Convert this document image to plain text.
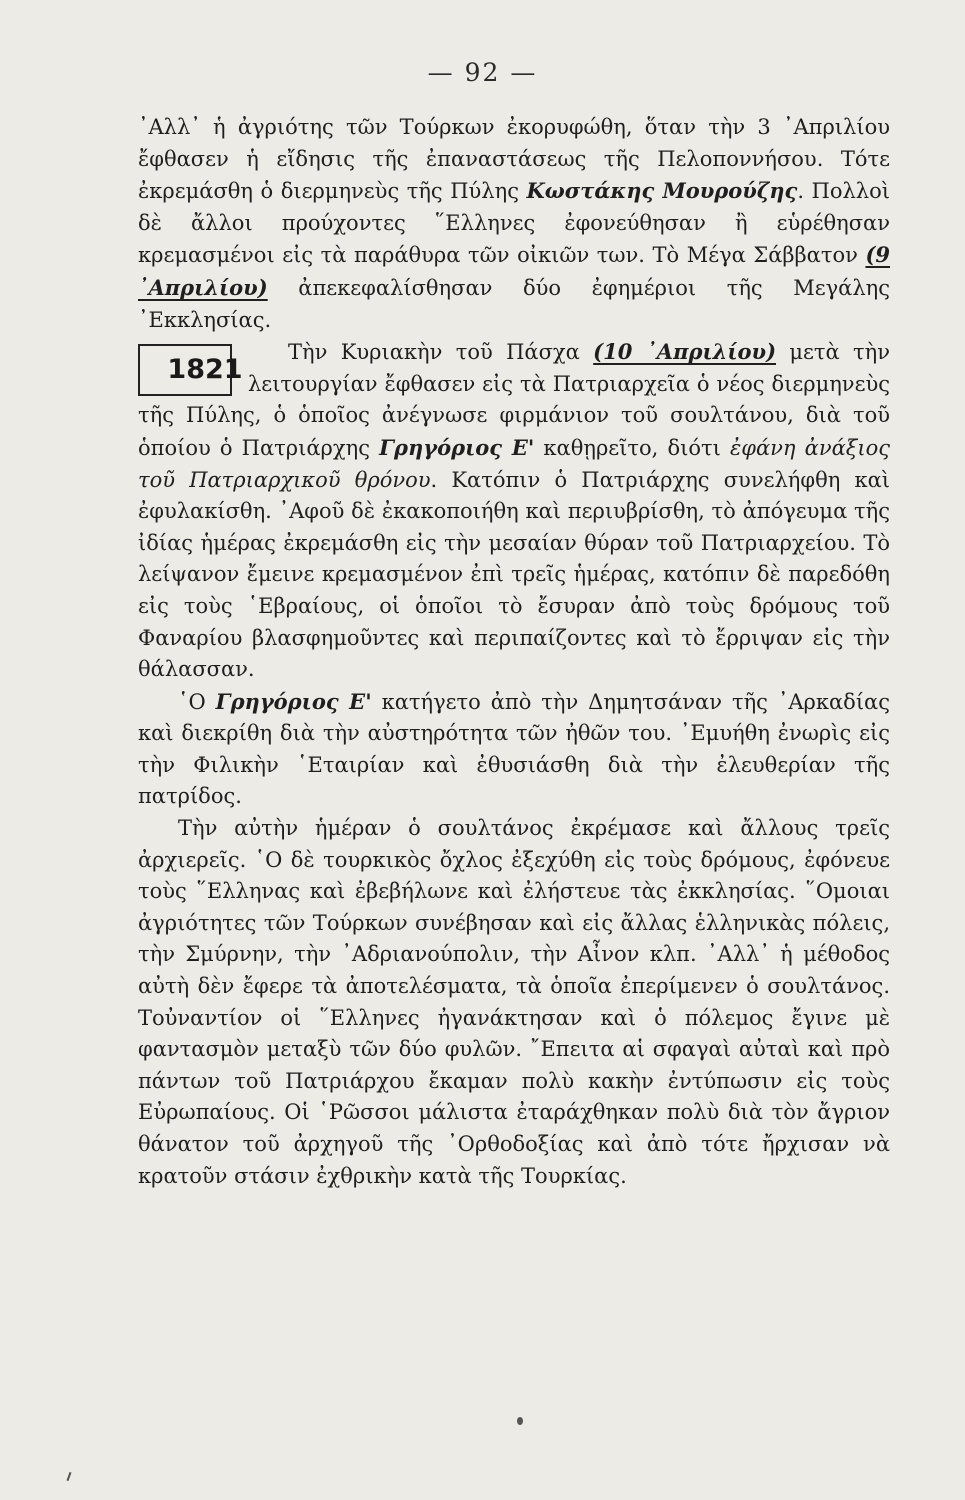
— 92 —

᾿Αλλ᾿ ἡ ἀγριότης τῶν Τούρκων ἐκορυφώθη, ὅταν τὴν 3 ᾿Απριλίου ἔφθασεν ἡ εἴδησις τῆς ἐπαναστάσεως τῆς Πελοποννήσου. Τότε ἐκρεμάσθη ὁ διερμηνεὺς τῆς Πύλης Κωστάκης Μουρούζης. Πολλοὶ δὲ ἄλλοι προύχοντες ῞Ελληνες ἐφονεύθησαν ἢ εὑρέθησαν κρεμασμένοι εἰς τὰ παράθυρα τῶν οἰκιῶν των. Τὸ Μέγα Σάββατον (9 ᾿Απριλίου) ἀπεκεφαλίσθησαν δύο ἐφημέριοι τῆς Μεγάλης ᾿Εκκλησίας.

1821
Τὴν Κυριακὴν τοῦ Πάσχα (10 ᾿Απριλίου) μετὰ τὴν λειτουργίαν ἔφθασεν εἰς τὰ Πατριαρχεῖα ὁ νέος διερμηνεὺς τῆς Πύλης, ὁ ὁποῖος ἀνέγνωσε φιρμάνιον τοῦ σουλτάνου, διὰ τοῦ ὁποίου ὁ Πατριάρχης Γρηγόριος Ε' καθῃρεῖτο, διότι ἐφάνη ἀνάξιος τοῦ Πατριαρχικοῦ θρόνου. Κατόπιν ὁ Πατριάρχης συνελήφθη καὶ ἐφυλακίσθη. ᾿Αφοῦ δὲ ἐκακοποιήθη καὶ περιυβρίσθη, τὸ ἀπόγευμα τῆς ἰδίας ἡμέρας ἐκρεμάσθη εἰς τὴν μεσαίαν θύραν τοῦ Πατριαρχείου. Τὸ λείψανον ἔμεινε κρεμασμένον ἐπὶ τρεῖς ἡμέρας, κατόπιν δὲ παρεδόθη εἰς τοὺς ῾Εβραίους, οἱ ὁποῖοι τὸ ἔσυραν ἀπὸ τοὺς δρόμους τοῦ Φαναρίου βλασφημοῦντες καὶ περιπαίζοντες καὶ τὸ ἔρριψαν εἰς τὴν θάλασσαν.

῾Ο Γρηγόριος Ε' κατήγετο ἀπὸ τὴν Δημητσάναν τῆς ᾿Αρκαδίας καὶ διεκρίθη διὰ τὴν αὐστηρότητα τῶν ἠθῶν του. ᾿Εμυήθη ἐνωρὶς εἰς τὴν Φιλικὴν ῾Εταιρίαν καὶ ἐθυσιάσθη διὰ τὴν ἐλευθερίαν τῆς πατρίδος.

Τὴν αὐτὴν ἡμέραν ὁ σουλτάνος ἐκρέμασε καὶ ἄλλους τρεῖς ἀρχιερεῖς. ῾Ο δὲ τουρκικὸς ὄχλος ἐξεχύθη εἰς τοὺς δρόμους, ἐφόνευε τοὺς ῞Ελληνας καὶ ἐβεβήλωνε καὶ ἐλήστευε τὰς ἐκκλησίας. ῞Ομοιαι ἀγριότητες τῶν Τούρκων συνέβησαν καὶ εἰς ἄλλας ἑλληνικὰς πόλεις, τὴν Σμύρνην, τὴν ᾿Αδριανούπολιν, τὴν Αἶνον κλπ. ᾿Αλλ᾿ ἡ μέθοδος αὐτὴ δὲν ἔφερε τὰ ἀποτελέσματα, τὰ ὁποῖα ἐπερίμενεν ὁ σουλτάνος. Τοὐναντίον οἱ ῞Ελληνες ἠγανάκτησαν καὶ ὁ πόλεμος ἔγινε μὲ φαντασμὸν μεταξὺ τῶν δύο φυλῶν. ῎Επειτα αἱ σφαγαὶ αὐταὶ καὶ πρὸ πάντων τοῦ Πατριάρχου ἔκαμαν πολὺ κακὴν ἐντύπωσιν εἰς τοὺς Εὐρωπαίους. Οἱ ῾Ρῶσσοι μάλιστα ἐταράχθηκαν πολὺ διὰ τὸν ἄγριον θάνατον τοῦ ἀρχηγοῦ τῆς ᾿Ορθοδοξίας καὶ ἀπὸ τότε ἤρχισαν νὰ κρατοῦν στάσιν ἐχθρικὴν κατὰ τῆς Τουρκίας.
